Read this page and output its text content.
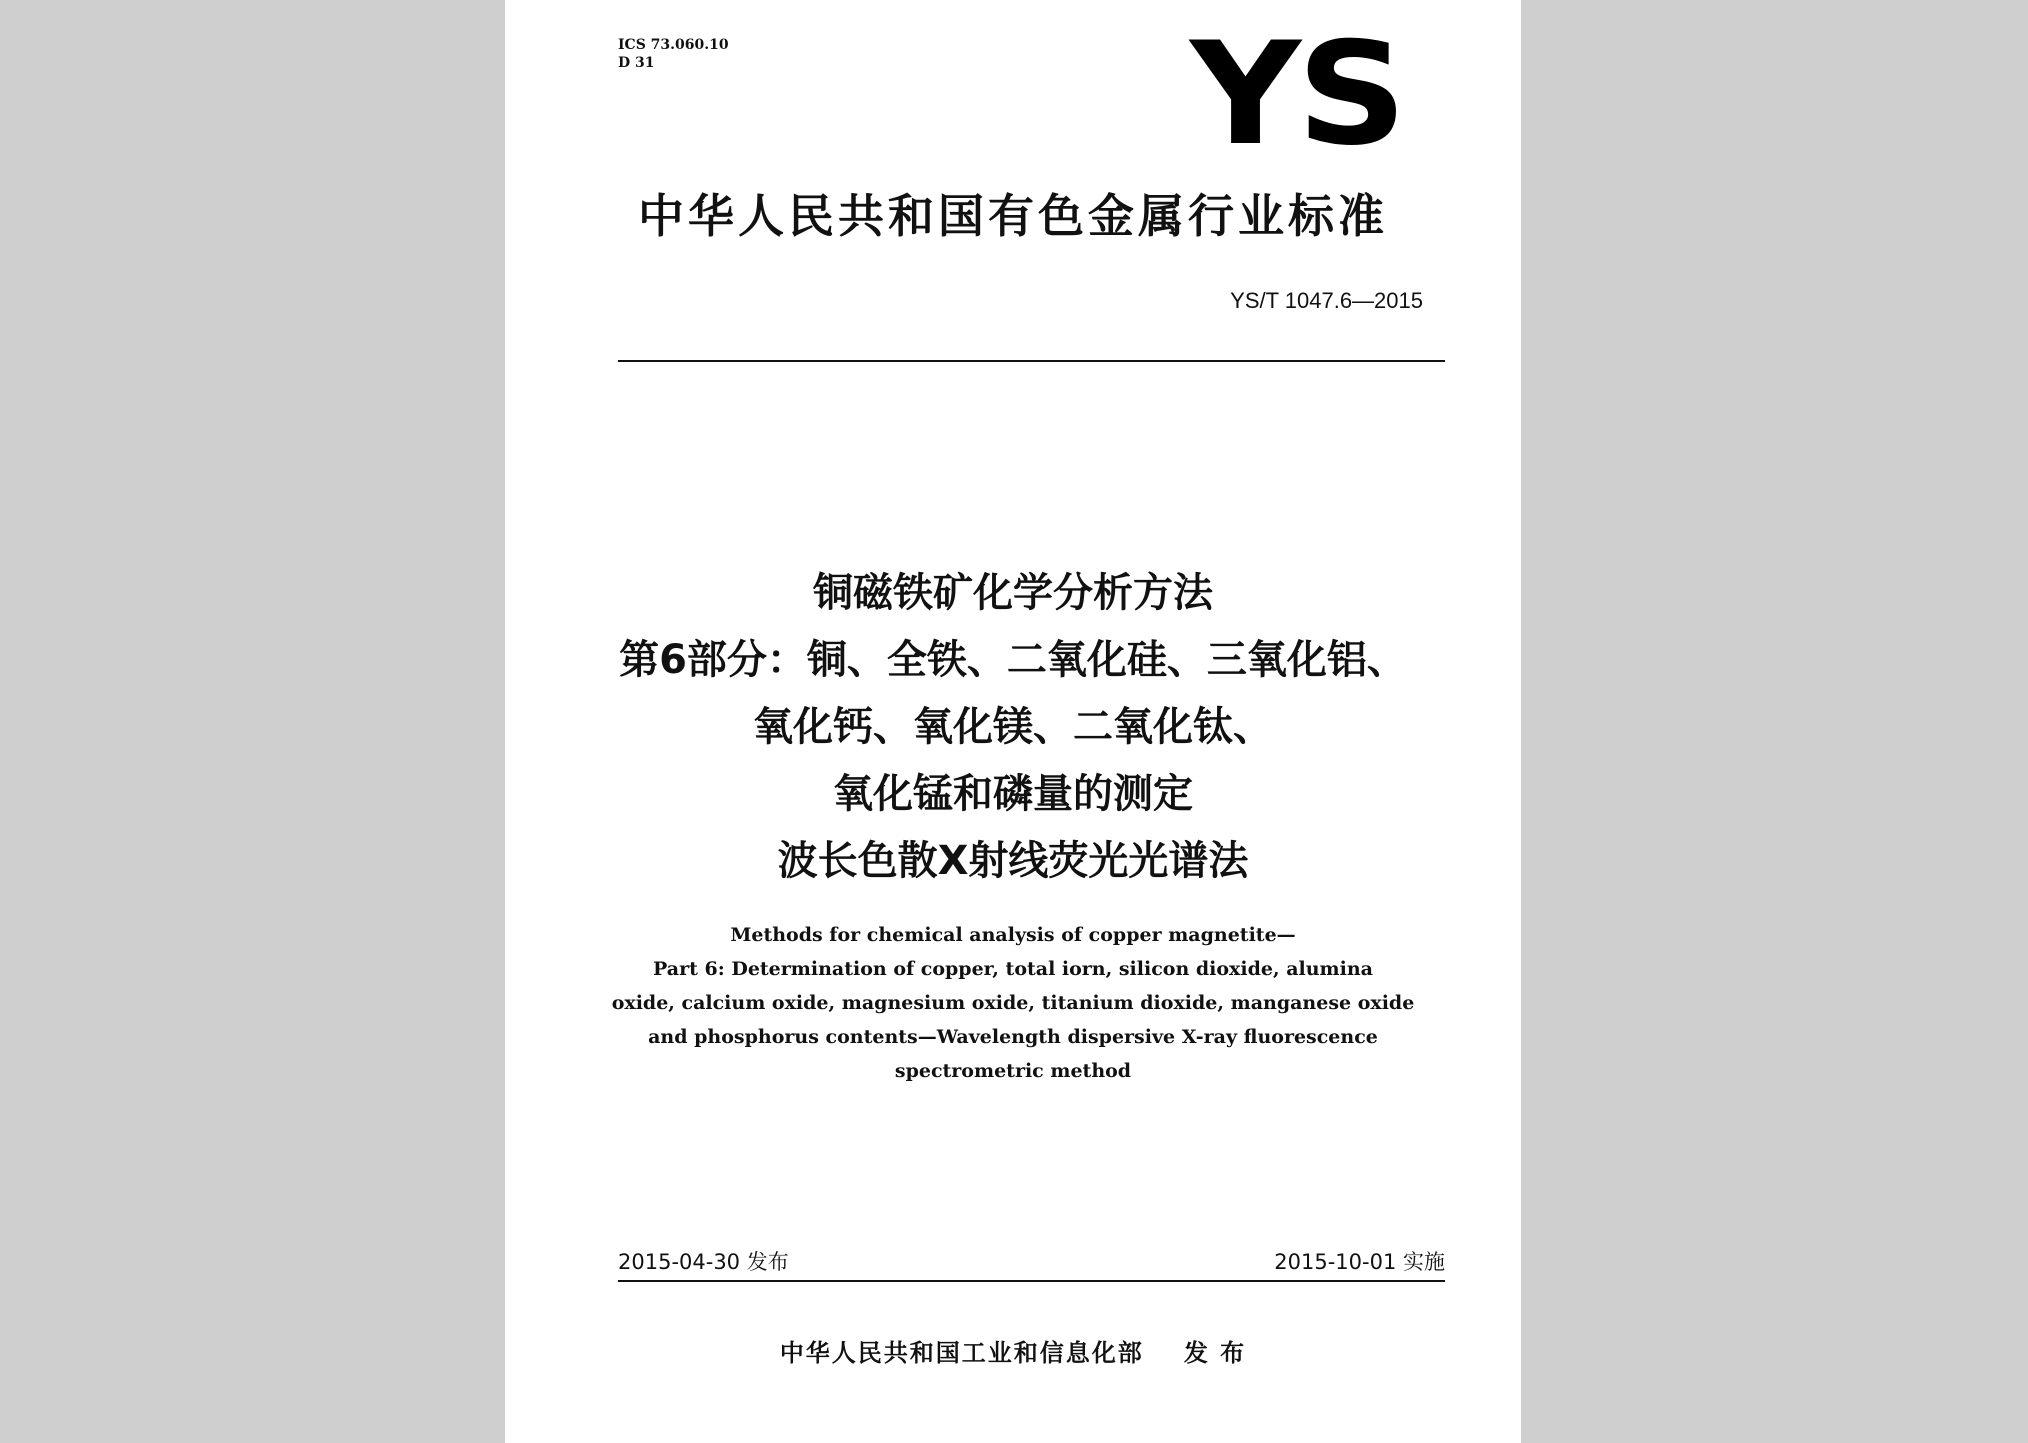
ICS 73.060.10
D 31	YS
中华人民共和国有色金属行业标准
YS/T 1047.6—2015
铜磁铁矿化学分析方法
第6部分：铜、全铁、二氧化硅、三氧化铝、
氧化钙、氧化镁、二氧化钛、
氧化锰和磷量的测定
波长色散X射线荧光光谱法
Methods for chemical analysis of copper magnetite—
Part 6: Determination of copper, total iorn, silicon dioxide, alumina
oxide, calcium oxide, magnesium oxide, titanium dioxide, manganese oxide
and phosphorus contents—Wavelength dispersive X-ray fluorescence
spectrometric method
2015-04-30 发布	2015-10-01 实施
中华人民共和国工业和信息化部 发 布
